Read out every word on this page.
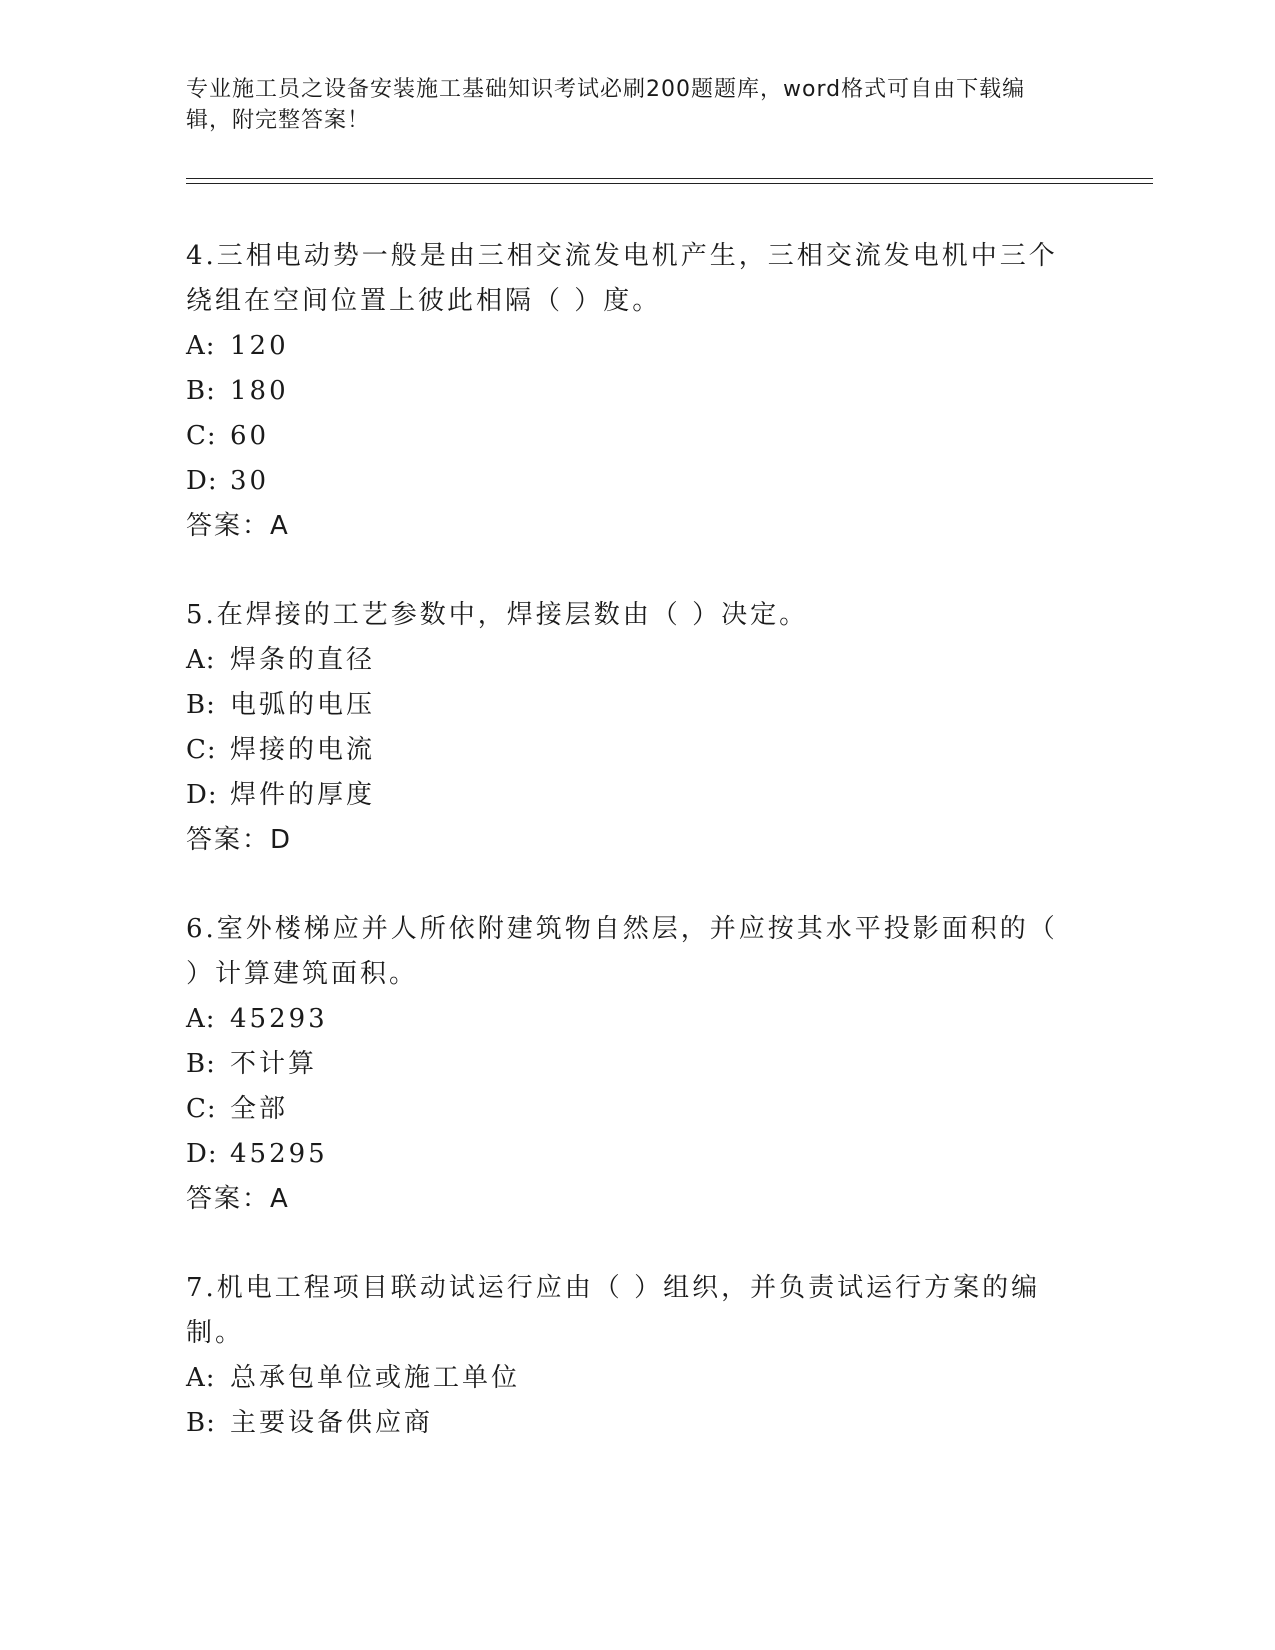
专业施工员之设备安装施工基础知识考试必刷200题题库，word格式可自由下载编辑，附完整答案！

4.三相电动势一般是由三相交流发电机产生，三相交流发电机中三个绕组在空间位置上彼此相隔（ ）度。

A: 120

B: 180

C: 60

D: 30

答案：A

5.在焊接的工艺参数中，焊接层数由（ ）决定。

A: 焊条的直径

B: 电弧的电压

C: 焊接的电流

D: 焊件的厚度

答案：D

6.室外楼梯应并人所依附建筑物自然层，并应按其水平投影面积的（ ）计算建筑面积。

A: 45293

B: 不计算

C: 全部

D: 45295

答案：A

7.机电工程项目联动试运行应由（ ）组织，并负责试运行方案的编制。

A: 总承包单位或施工单位

B: 主要设备供应商
